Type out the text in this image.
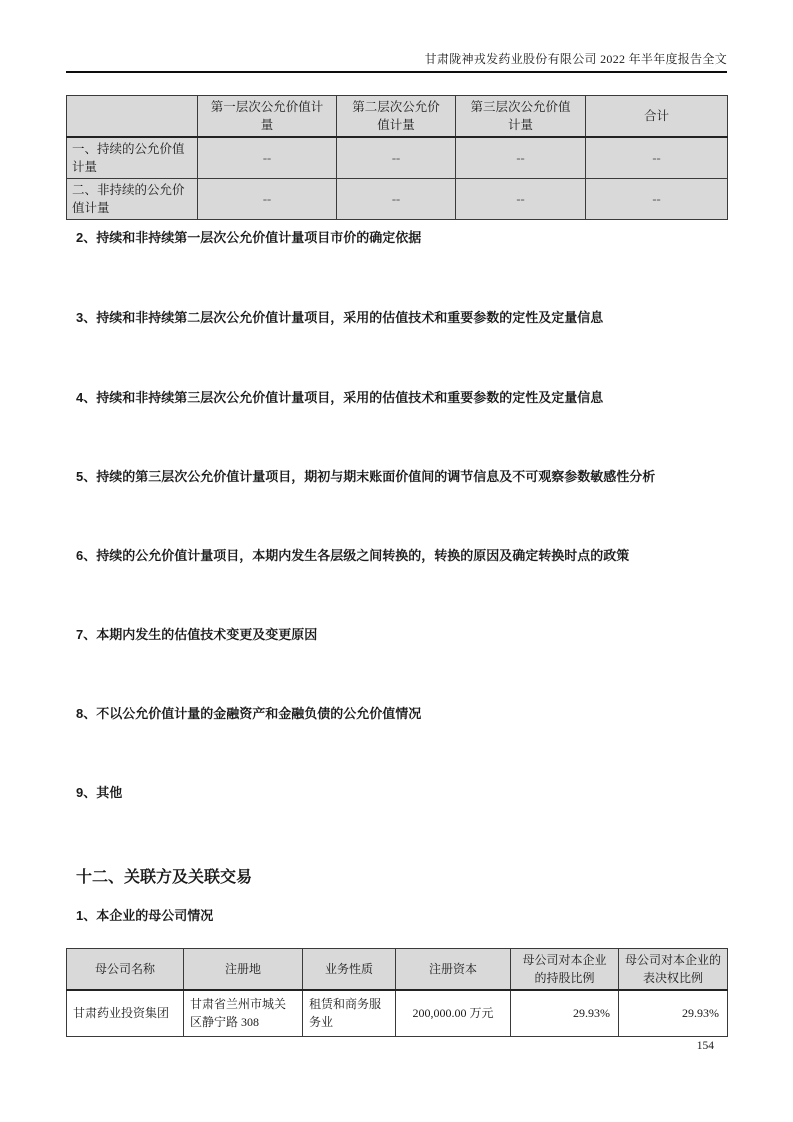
甘肃陇神戎发药业股份有限公司 2022 年半年度报告全文
	第一层次公允价值计量	第二层次公允价值计量	第三层次公允价值计量	合计
一、持续的公允价值计量	--	--	--	--
二、非持续的公允价值计量	--	--	--	--
2、持续和非持续第一层次公允价值计量项目市价的确定依据
3、持续和非持续第二层次公允价值计量项目，采用的估值技术和重要参数的定性及定量信息
4、持续和非持续第三层次公允价值计量项目，采用的估值技术和重要参数的定性及定量信息
5、持续的第三层次公允价值计量项目，期初与期末账面价值间的调节信息及不可观察参数敏感性分析
6、持续的公允价值计量项目，本期内发生各层级之间转换的，转换的原因及确定转换时点的政策
7、本期内发生的估值技术变更及变更原因
8、不以公允价值计量的金融资产和金融负债的公允价值情况
9、其他
十二、关联方及关联交易
1、本企业的母公司情况
母公司名称	注册地	业务性质	注册资本	母公司对本企业的持股比例	母公司对本企业的表决权比例
甘肃药业投资集团	甘肃省兰州市城关区静宁路 308	租赁和商务服务业	200,000.00 万元	29.93%	29.93%
154
